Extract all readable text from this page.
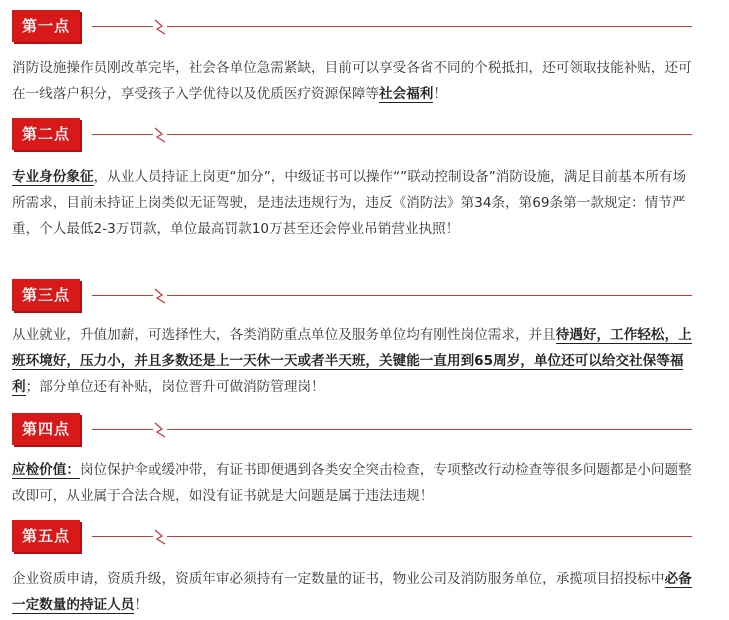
第一点

消防设施操作员刚改革完毕，社会各单位急需紧缺，目前可以享受各省不同的个税抵扣，还可领取技能补贴，还可在一线落户积分，享受孩子入学优待以及优质医疗资源保障等社会福利！

第二点

专业身份象征，从业人员持证上岗更“加分”，中级证书可以操作“”联动控制设备”消防设施，满足目前基本所有场所需求，目前未持证上岗类似无证驾驶，是违法违规行为，违反《消防法》第34条，第69条第一款规定：情节严重，个人最低2-3万罚款，单位最高罚款10万甚至还会停业吊销营业执照！

第三点

从业就业，升值加薪，可选择性大，各类消防重点单位及服务单位均有刚性岗位需求，并且待遇好，工作轻松，上班环境好，压力小，并且多数还是上一天休一天或者半天班，关键能一直用到65周岁，单位还可以给交社保等福利；部分单位还有补贴，岗位晋升可做消防管理岗！

第四点

应检价值：岗位保护伞或缓冲带，有证书即便遇到各类安全突击检查，专项整改行动检查等很多问题都是小问题整改即可，从业属于合法合规，如没有证书就是大问题是属于违法违规！

第五点

企业资质申请，资质升级，资质年审必须持有一定数量的证书，物业公司及消防服务单位，承揽项目招投标中必备一定数量的持证人员！
